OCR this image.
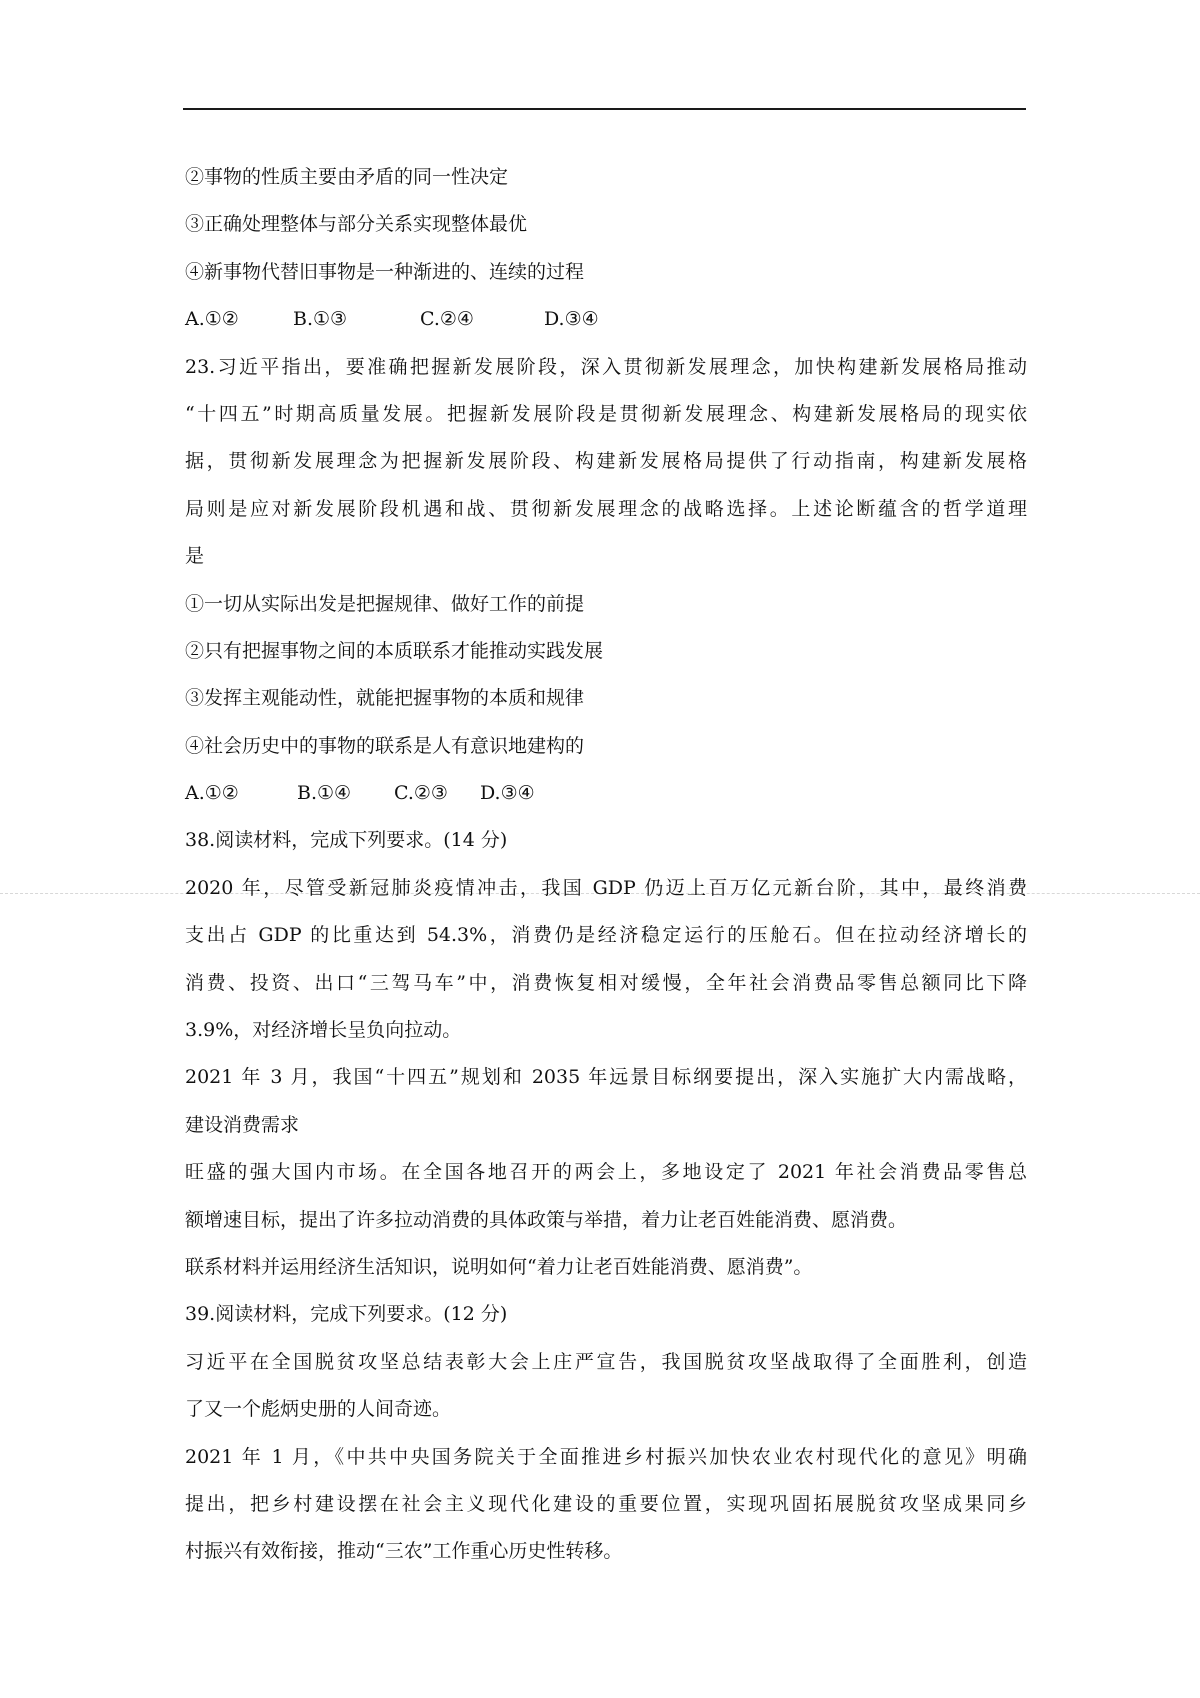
②事物的性质主要由矛盾的同一性决定
③正确处理整体与部分关系实现整体最优
④新事物代替旧事物是一种渐进的、连续的过程
A.①②	B.①③	C.②④	D.③④
23.习近平指出，要准确把握新发展阶段，深入贯彻新发展理念，加快构建新发展格局推动
“十四五”时期高质量发展。把握新发展阶段是贯彻新发展理念、构建新发展格局的现实依
据，贯彻新发展理念为把握新发展阶段、构建新发展格局提供了行动指南，构建新发展格
局则是应对新发展阶段机遇和战、贯彻新发展理念的战略选择。上述论断蕴含的哲学道理
是
①一切从实际出发是把握规律、做好工作的前提
②只有把握事物之间的本质联系才能推动实践发展
③发挥主观能动性，就能把握事物的本质和规律
④社会历史中的事物的联系是人有意识地建构的
A.①②	B.①④	C.②③	D.③④
38.阅读材料，完成下列要求。(14 分)
2020 年，尽管受新冠肺炎疫情冲击，我国 GDP 仍迈上百万亿元新台阶，其中，最终消费
支出占 GDP 的比重达到 54.3%，消费仍是经济稳定运行的压舱石。但在拉动经济增长的
消费、投资、出口“三驾马车”中，消费恢复相对缓慢，全年社会消费品零售总额同比下降
3.9%，对经济增长呈负向拉动。
2021 年 3 月，我国“十四五”规划和 2035 年远景目标纲要提出，深入实施扩大内需战略，
建设消费需求
旺盛的强大国内市场。在全国各地召开的两会上，多地设定了 2021 年社会消费品零售总
额增速目标，提出了许多拉动消费的具体政策与举措，着力让老百姓能消费、愿消费。
联系材料并运用经济生活知识，说明如何“着力让老百姓能消费、愿消费”。
39.阅读材料，完成下列要求。(12 分)
习近平在全国脱贫攻坚总结表彰大会上庄严宣告，我国脱贫攻坚战取得了全面胜利，创造
了又一个彪炳史册的人间奇迹。
2021 年 1 月，《中共中央国务院关于全面推进乡村振兴加快农业农村现代化的意见》明确
提出，把乡村建设摆在社会主义现代化建设的重要位置，实现巩固拓展脱贫攻坚成果同乡
村振兴有效衔接，推动“三农”工作重心历史性转移。
